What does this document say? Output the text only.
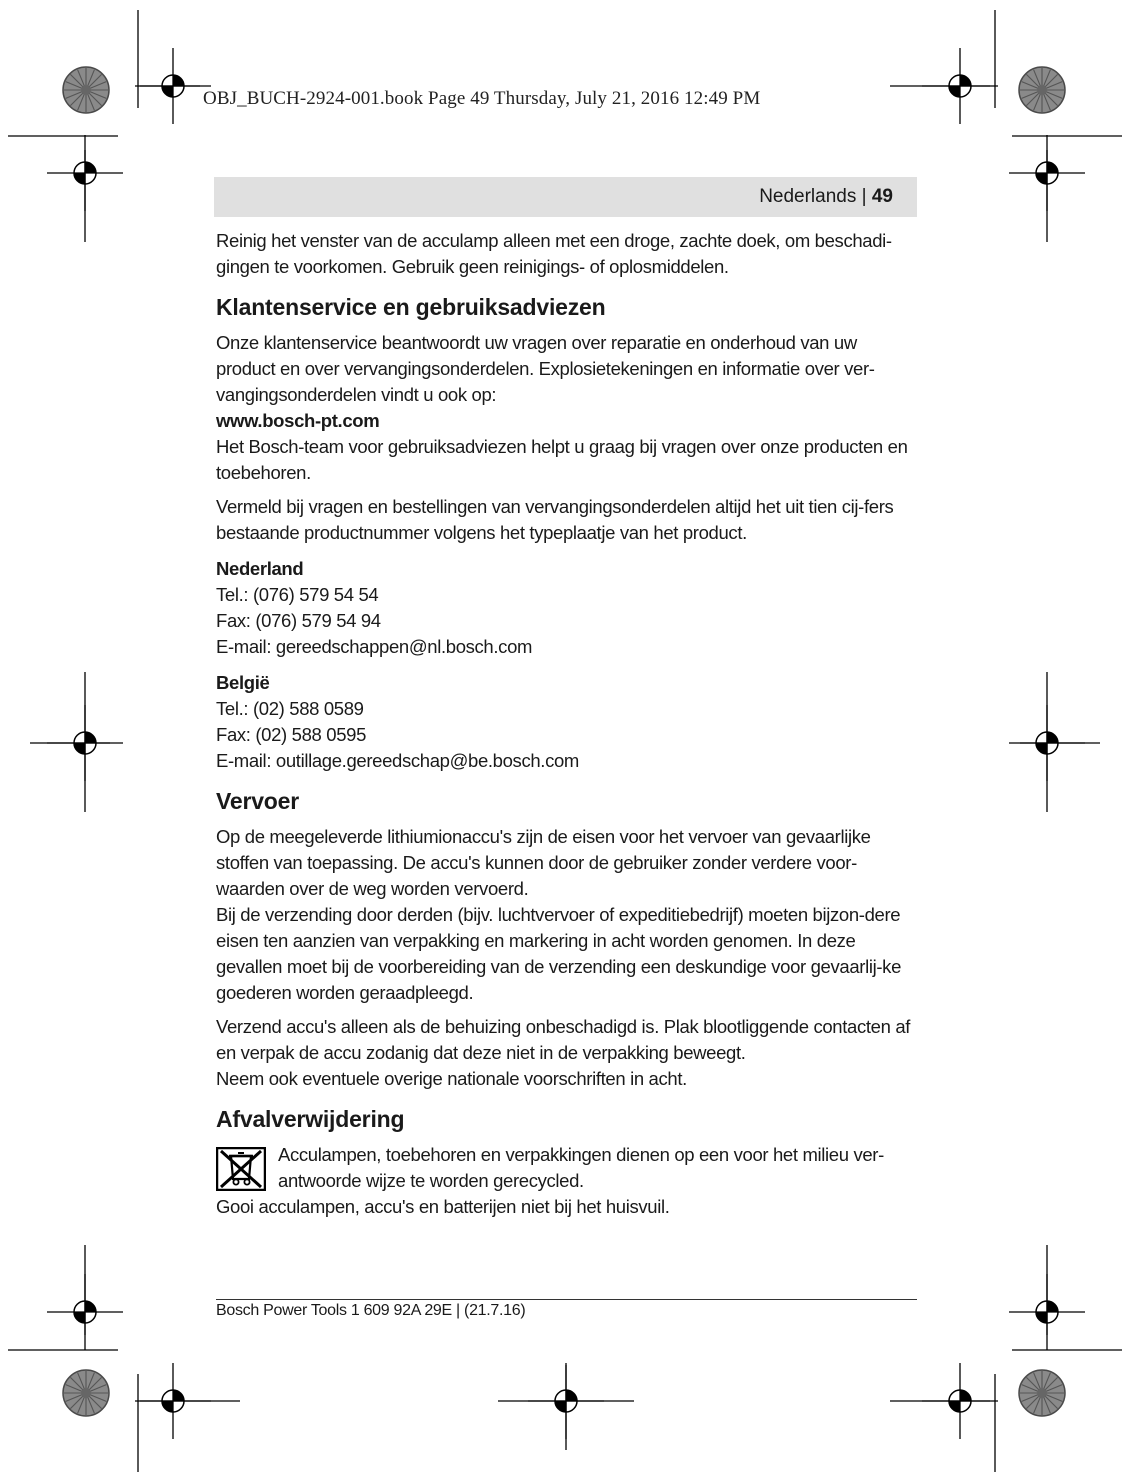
OBJ_BUCH-2924-001.book Page 49 Thursday, July 21, 2016 12:49 PM
Nederlands | 49

Reinig het venster van de acculamp alleen met een droge, zachte doek, om beschadi-gingen te voorkomen. Gebruik geen reinigings- of oplosmiddelen.

Klantenservice en gebruiksadviezen

Onze klantenservice beantwoordt uw vragen over reparatie en onderhoud van uw product en over vervangingsonderdelen. Explosietekeningen en informatie over ver-vangingsonderdelen vindt u ook op:

www.bosch-pt.com

Het Bosch-team voor gebruiksadviezen helpt u graag bij vragen over onze producten en toebehoren.

Vermeld bij vragen en bestellingen van vervangingsonderdelen altijd het uit tien cij-fers bestaande productnummer volgens het typeplaatje van het product.

Nederland

Tel.: (076) 579 54 54

Fax: (076) 579 54 94

E-mail: gereedschappen@nl.bosch.com

België

Tel.: (02) 588 0589

Fax: (02) 588 0595

E-mail: outillage.gereedschap@be.bosch.com

Vervoer

Op de meegeleverde lithiumionaccu's zijn de eisen voor het vervoer van gevaarlijke stoffen van toepassing. De accu's kunnen door de gebruiker zonder verdere voor-waarden over de weg worden vervoerd.

Bij de verzending door derden (bijv. luchtvervoer of expeditiebedrijf) moeten bijzon-dere eisen ten aanzien van verpakking en markering in acht worden genomen. In deze gevallen moet bij de voorbereiding van de verzending een deskundige voor gevaarlij-ke goederen worden geraadpleegd.

Verzend accu's alleen als de behuizing onbeschadigd is. Plak blootliggende contacten af en verpak de accu zodanig dat deze niet in de verpakking beweegt.

Neem ook eventuele overige nationale voorschriften in acht.

Afvalverwijdering

Acculampen, toebehoren en verpakkingen dienen op een voor het milieu ver-antwoorde wijze te worden gerecycled.

Gooi acculampen, accu's en batterijen niet bij het huisvuil.

Bosch Power Tools 1 609 92A 29E | (21.7.16)
